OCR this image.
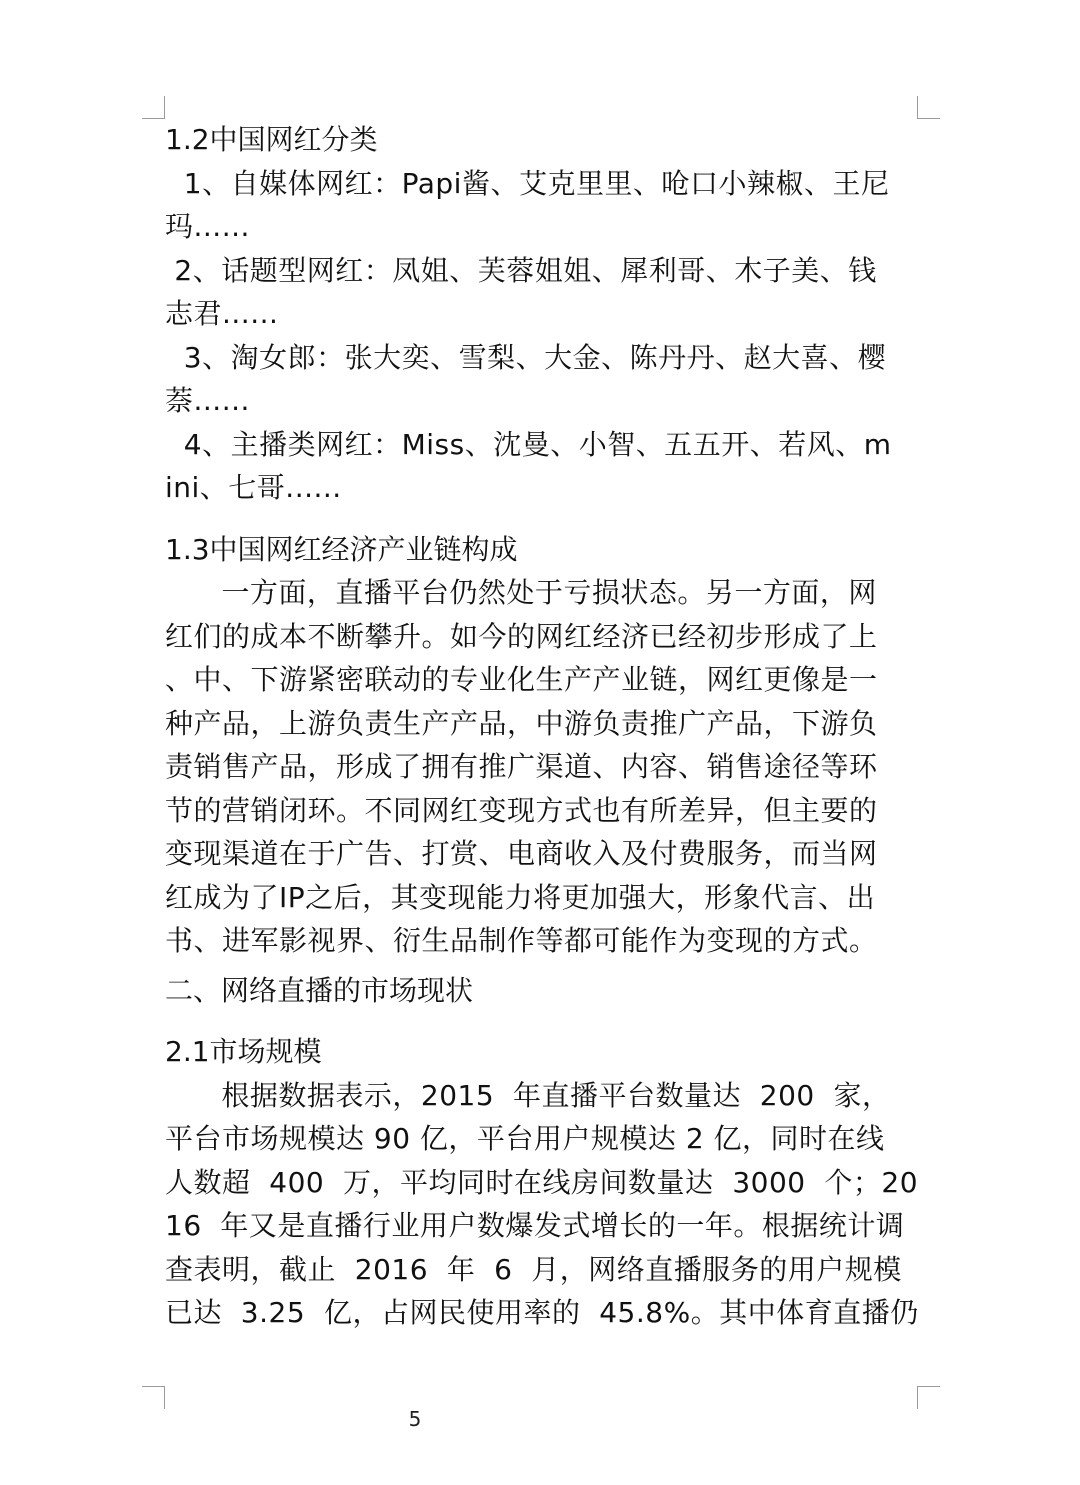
1.2中国网红分类
1、自媒体网红：Papi酱、艾克里里、呛口小辣椒、王尼
玛......
2、话题型网红：凤姐、芙蓉姐姐、犀利哥、木子美、钱
志君......
3、淘女郎：张大奕、雪梨、大金、陈丹丹、赵大喜、樱
萘......
4、主播类网红：Miss、沈曼、小智、五五开、若风、m
ini、七哥......
1.3中国网红经济产业链构成
一方面，直播平台仍然处于亏损状态。另一方面，网
红们的成本不断攀升。如今的网红经济已经初步形成了上
、中、下游紧密联动的专业化生产产业链，网红更像是一
种产品，上游负责生产产品，中游负责推广产品，下游负
责销售产品，形成了拥有推广渠道、内容、销售途径等环
节的营销闭环。不同网红变现方式也有所差异，但主要的
变现渠道在于广告、打赏、电商收入及付费服务，而当网
红成为了IP之后，其变现能力将更加强大，形象代言、出
书、进军影视界、衍生品制作等都可能作为变现的方式。
二、网络直播的市场现状
2.1市场规模
根据数据表示，2015  年直播平台数量达  200  家，
平台市场规模达 90 亿，平台用户规模达 2 亿，同时在线
人数超  400  万，平均同时在线房间数量达  3000  个；20
16  年又是直播行业用户数爆发式增长的一年。根据统计调
查表明，截止  2016  年  6  月，网络直播服务的用户规模
已达  3.25  亿，占网民使用率的  45.8%。其中体育直播仍
5
